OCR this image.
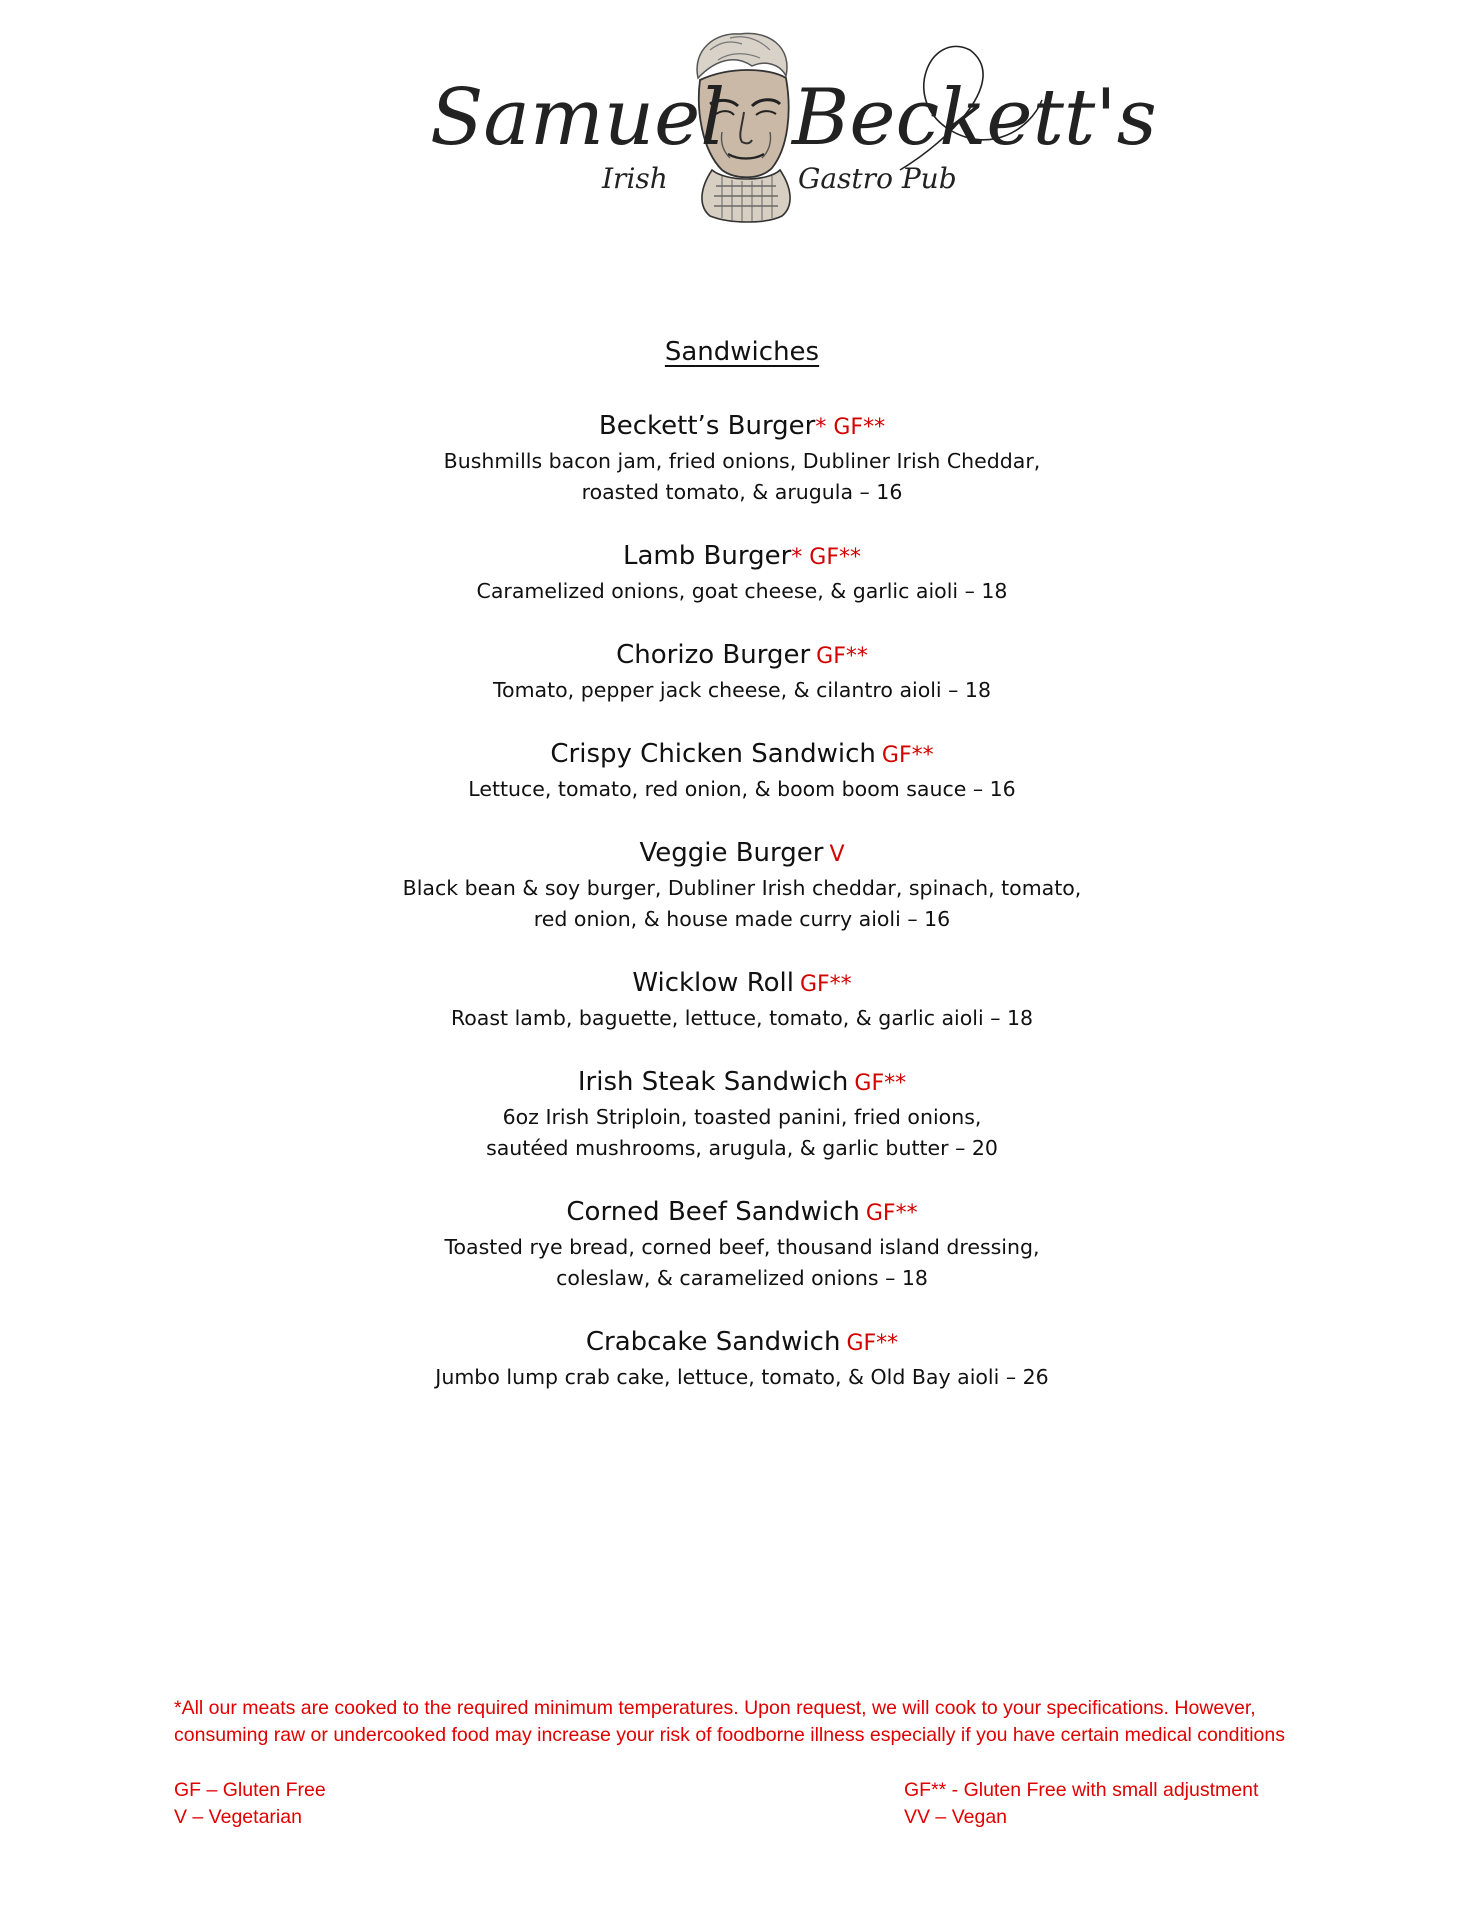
Samuel Beckett's
Irish	Gastro Pub
Sandwiches

Beckett’s Burger* GF**

Bushmills bacon jam, fried onions, Dubliner Irish Cheddar,

roasted tomato, & arugula – 16

Lamb Burger* GF**

Caramelized onions, goat cheese, & garlic aioli – 18

Chorizo Burger GF**

Tomato, pepper jack cheese, & cilantro aioli – 18

Crispy Chicken Sandwich GF**

Lettuce, tomato, red onion, & boom boom sauce – 16

Veggie Burger V

Black bean & soy burger, Dubliner Irish cheddar, spinach, tomato,

red onion, & house made curry aioli – 16

Wicklow Roll GF**

Roast lamb, baguette, lettuce, tomato, & garlic aioli – 18

Irish Steak Sandwich GF**

6oz Irish Striploin, toasted panini, fried onions,

sautéed mushrooms, arugula, & garlic butter – 20

Corned Beef Sandwich GF**

Toasted rye bread, corned beef, thousand island dressing,

coleslaw, & caramelized onions – 18

Crabcake Sandwich GF**

Jumbo lump crab cake, lettuce, tomato, & Old Bay aioli – 26

*All our meats are cooked to the required minimum temperatures. Upon request, we will cook to your specifications. However, consuming raw or undercooked food may increase your risk of foodborne illness especially if you have certain medical conditions

GF – Gluten Free
V – Vegetarian
GF** - Gluten Free with small adjustment
VV – Vegan
